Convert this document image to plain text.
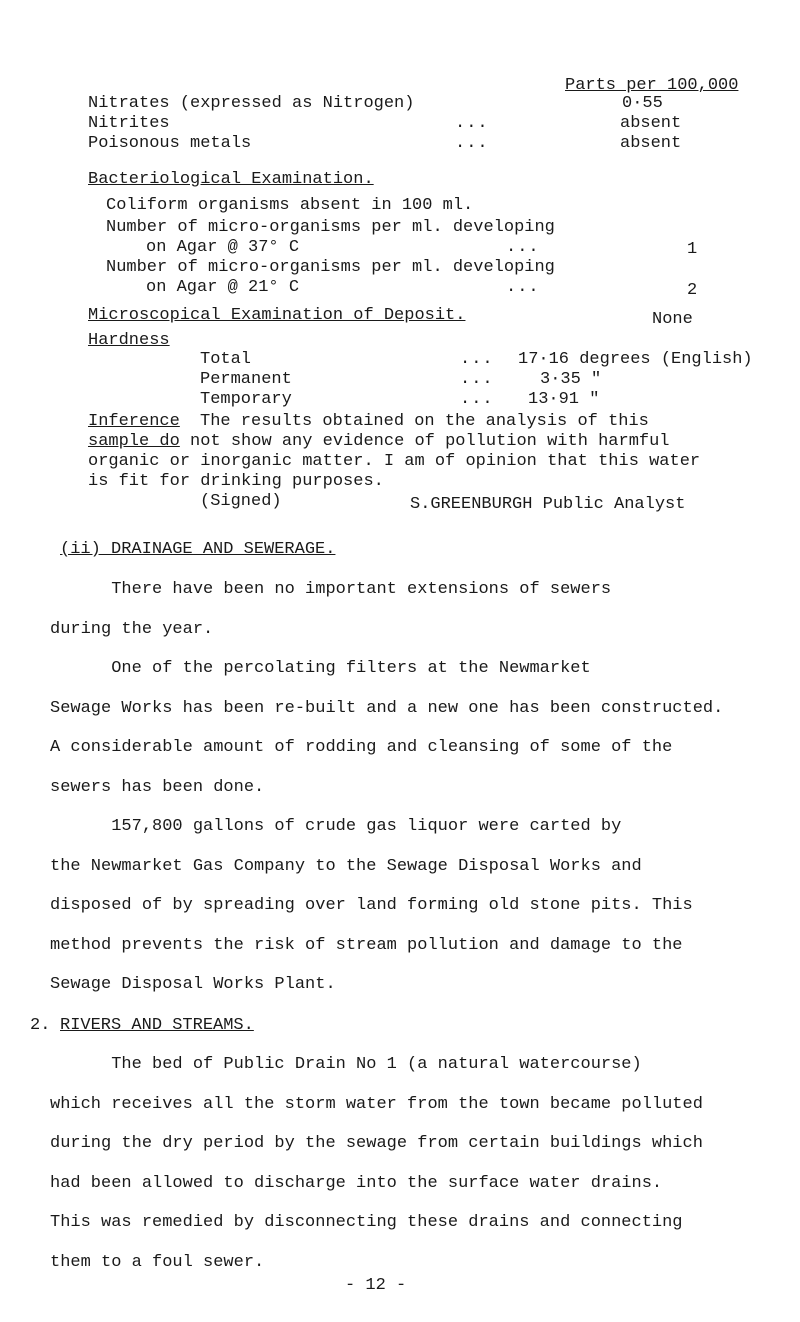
Parts per 100,000
Nitrates (expressed as Nitrogen)	0·55
Nitrites	...	absent
Poisonous metals	...	absent
Bacteriological Examination.
Coliform organisms absent in 100 ml.
Number of micro-organisms per ml. developing
on Agar @ 37° C	...	1
Number of micro-organisms per ml. developing
on Agar @ 21° C	...	2
Microscopical Examination of Deposit.	None
Hardness
Total	... 17·16 degrees (English)
Permanent	...	3·35 "
Temporary	... 13·91 "
Inference The results obtained on the analysis of this
sample do not show any evidence of pollution with harmful
organic or inorganic matter. I am of opinion that this water
is fit for drinking purposes.
(Signed)	S.GREENBURGH Public Analyst
(ii) DRAINAGE AND SEWERAGE.
There have been no important extensions of sewers
during the year.
One of the percolating filters at the Newmarket
Sewage Works has been re-built and a new one has been constructed.
A considerable amount of rodding and cleansing of some of the
sewers has been done.
157,800 gallons of crude gas liquor were carted by
the Newmarket Gas Company to the Sewage Disposal Works and
disposed of by spreading over land forming old stone pits. This
method prevents the risk of stream pollution and damage to the
Sewage Disposal Works Plant.
2. RIVERS AND STREAMS.
The bed of Public Drain No 1 (a natural watercourse)
which receives all the storm water from the town became polluted
during the dry period by the sewage from certain buildings which
had been allowed to discharge into the surface water drains.
This was remedied by disconnecting these drains and connecting
them to a foul sewer.
- 12 -
